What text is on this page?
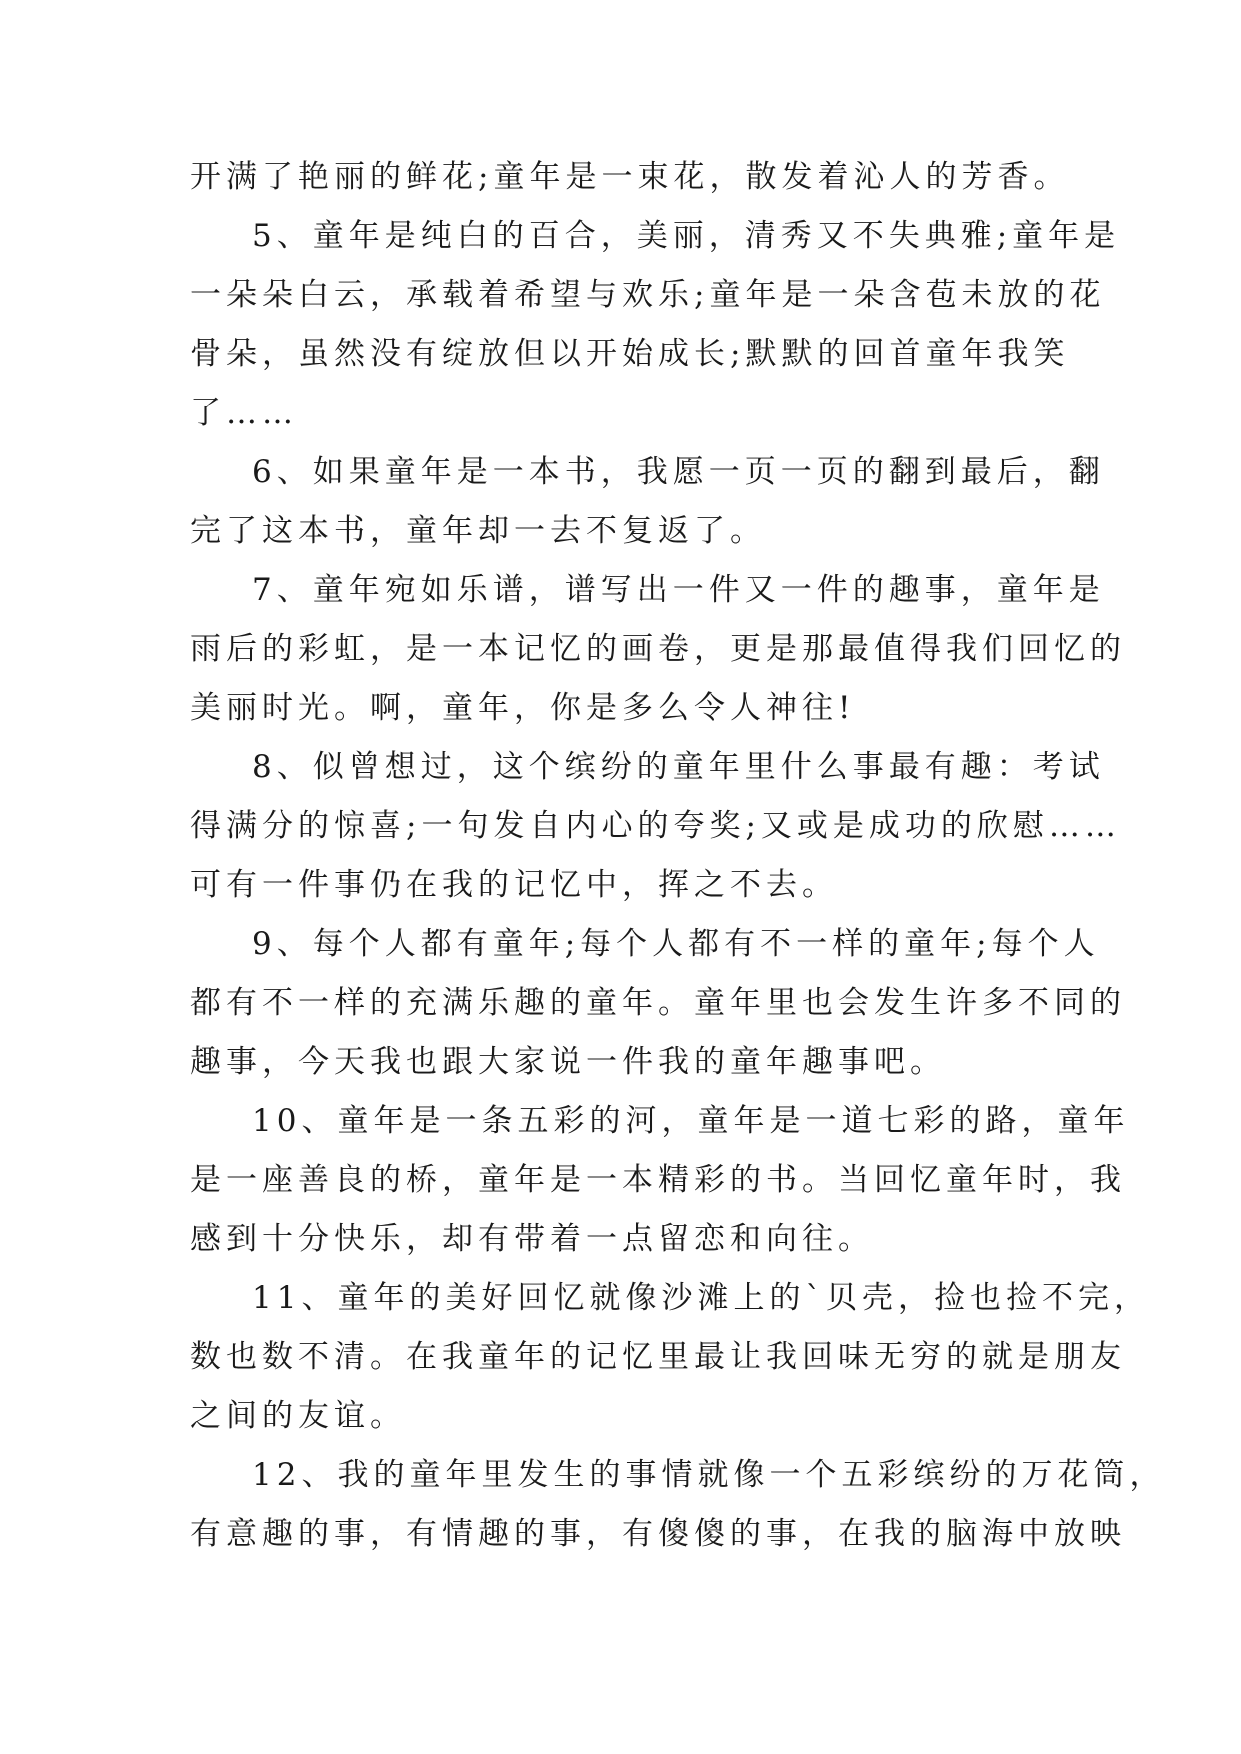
开满了艳丽的鲜花;童年是一束花，散发着沁人的芳香。
5、童年是纯白的百合，美丽，清秀又不失典雅;童年是
一朵朵白云，承载着希望与欢乐;童年是一朵含苞未放的花
骨朵，虽然没有绽放但以开始成长;默默的回首童年我笑
了……
6、如果童年是一本书，我愿一页一页的翻到最后，翻
完了这本书，童年却一去不复返了。
7、童年宛如乐谱，谱写出一件又一件的趣事，童年是
雨后的彩虹，是一本记忆的画卷，更是那最值得我们回忆的
美丽时光。啊，童年，你是多么令人神往!
8、似曾想过，这个缤纷的童年里什么事最有趣：考试
得满分的惊喜;一句发自内心的夸奖;又或是成功的欣慰……
可有一件事仍在我的记忆中，挥之不去。
9、每个人都有童年;每个人都有不一样的童年;每个人
都有不一样的充满乐趣的童年。童年里也会发生许多不同的
趣事，今天我也跟大家说一件我的童年趣事吧。
10、童年是一条五彩的河，童年是一道七彩的路，童年
是一座善良的桥，童年是一本精彩的书。当回忆童年时，我
感到十分快乐，却有带着一点留恋和向往。
11、童年的美好回忆就像沙滩上的`贝壳，捡也捡不完，
数也数不清。在我童年的记忆里最让我回味无穷的就是朋友
之间的友谊。
12、我的童年里发生的事情就像一个五彩缤纷的万花筒，
有意趣的事，有情趣的事，有傻傻的事，在我的脑海中放映
